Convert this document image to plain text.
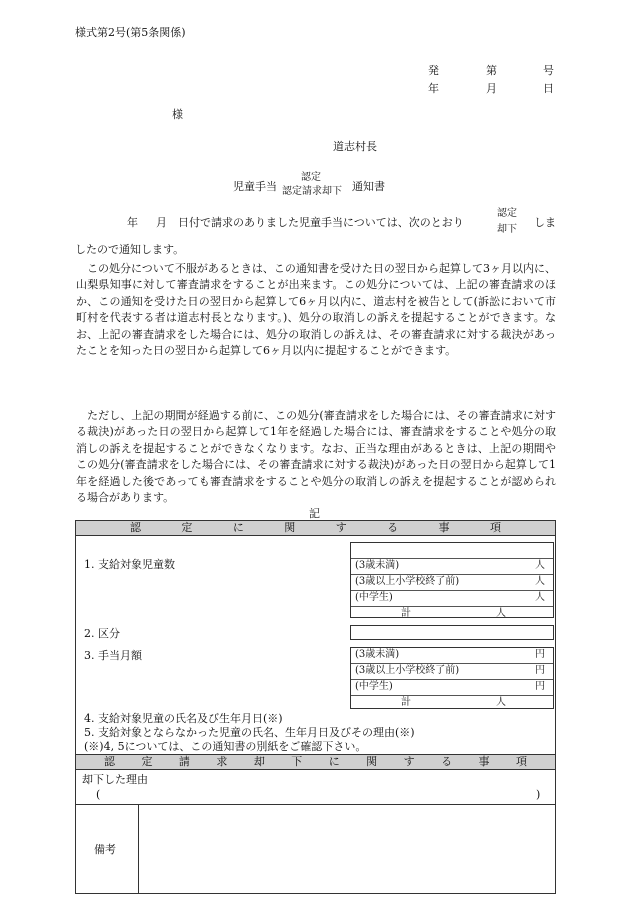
様式第2号(第5条関係)
発	第	号
年	月	日
様
道志村長
児童手当
認定
認定請求却下 通知書
年 月 日付で請求のありました児童手当については、次のとおり
認定
却下
しま
したので通知します。
この処分について不服があるときは、この通知書を受けた日の翌日から起算して3ヶ月以内に、山梨県知事に対して審査請求をすることが出来ます。この処分については、上記の審査請求のほか、この通知を受けた日の翌日から起算して6ヶ月以内に、道志村を被告として(訴訟において市町村を代表する者は道志村長となります。)、処分の取消しの訴えを提起することができます。なお、上記の審査請求をした場合には、処分の取消しの訴えは、その審査請求に対する裁決があったことを知った日の翌日から起算して6ヶ月以内に提起することができます。
ただし、上記の期間が経過する前に、この処分(審査請求をした場合には、その審査請求に対する裁決)があった日の翌日から起算して1年を経過した場合には、審査請求をすることや処分の取消しの訴えを提起することができなくなります。なお、正当な理由があるときは、上記の期間やこの処分(審査請求をした場合には、その審査請求に対する裁決)があった日の翌日から起算して1年を経過した後であっても審査請求をすることや処分の取消しの訴えを提起することが認められる場合があります。
記
認	定	に	関	す	る	事	項
1. 支給対象児童数	(3歳未満)	人
(3歳以上小学校終了前)	人
(中学生)	人
計	人
2. 区分
3. 手当月額	(3歳未満)	円
(3歳以上小学校終了前)	円
(中学生)	円
計	人
4. 支給対象児童の氏名及び生年月日(※)
5. 支給対象とならなかった児童の氏名、生年月日及びその理由(※)
(※)4, 5については、この通知書の別紙をご確認下さい。
認 定 請 求 却 下 に 関 す る 事 項
却下した理由
(	)
備考
